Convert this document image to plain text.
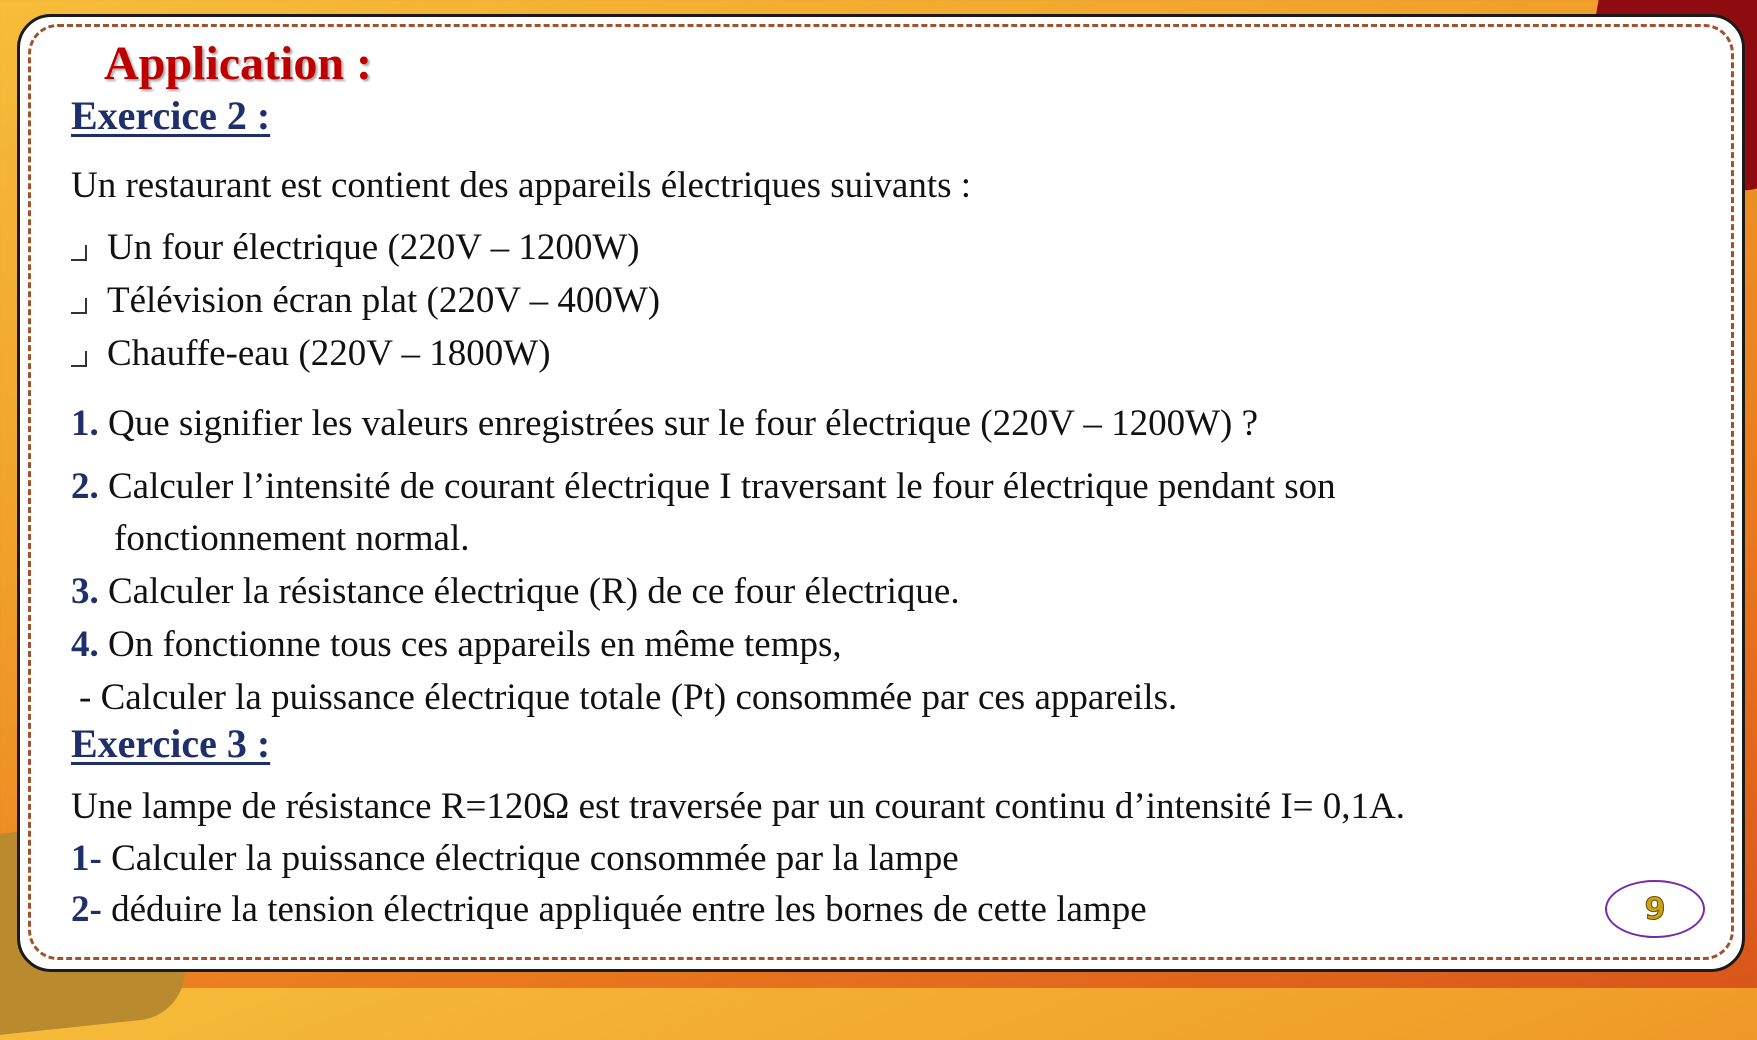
Application :
Exercice 2 :
Un restaurant est contient des appareils électriques suivants :
Un four électrique (220V – 1200W)
Télévision écran plat (220V – 400W)
Chauffe-eau (220V – 1800W)
1. Que signifier les valeurs enregistrées sur le four électrique (220V – 1200W) ?
2. Calculer l’intensité de courant électrique I traversant le four électrique pendant son
fonctionnement normal.
3. Calculer la résistance électrique (R) de ce four électrique.
4. On fonctionne tous ces appareils en même temps,
- Calculer la puissance électrique totale (Pt) consommée par ces appareils.
Exercice 3 :
Une lampe de résistance R=120Ω est traversée par un courant continu d’intensité I= 0,1A.
1- Calculer la puissance électrique consommée par la lampe
2- déduire la tension électrique appliquée entre les bornes de cette lampe	9
